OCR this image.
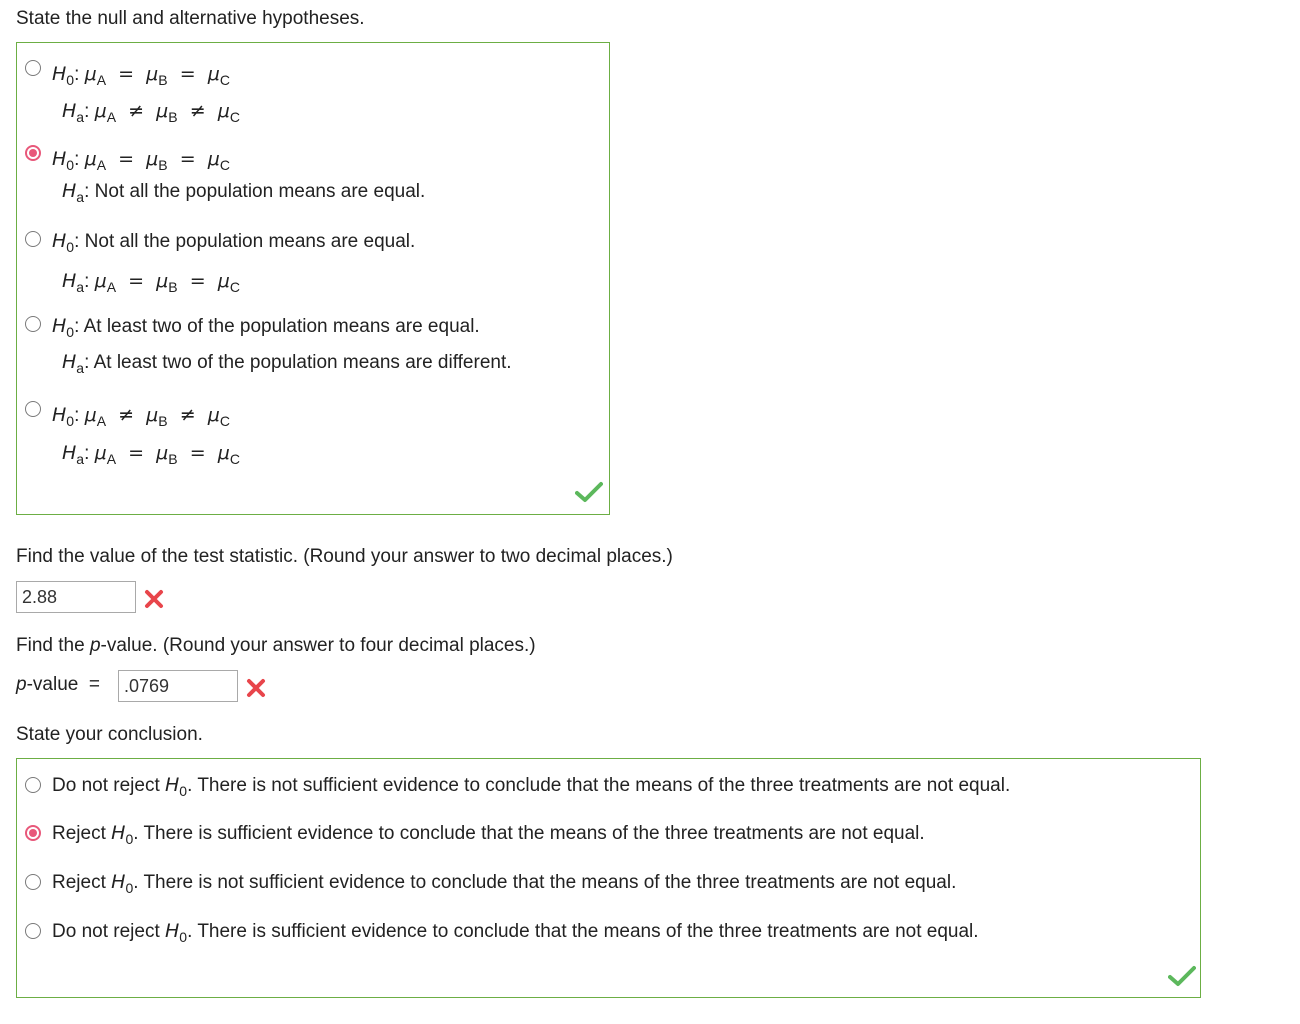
State the null and alternative hypotheses.
$H_0$: $\mu_A = \mu_B = \mu_C$
$H_a$: $\mu_A \ne \mu_B \ne \mu_C$
$H_0$: $\mu_A = \mu_B = \mu_C$
$H_a$: Not all the population means are equal.
$H_0$: Not all the population means are equal.
$H_a$: $\mu_A = \mu_B = \mu_C$
$H_0$: At least two of the population means are equal.
$H_a$: At least two of the population means are different.
$H_0$: $\mu_A \ne \mu_B \ne \mu_C$
$H_a$: $\mu_A = \mu_B = \mu_C$
Find the value of the test statistic. (Round your answer to two decimal places.)
2.88
Find the p-value. (Round your answer to four decimal places.)
p-value  =	.0769
State your conclusion.
Do not reject $H_0$. There is not sufficient evidence to conclude that the means of the three treatments are not equal.
Reject $H_0$. There is sufficient evidence to conclude that the means of the three treatments are not equal.
Reject $H_0$. There is not sufficient evidence to conclude that the means of the three treatments are not equal.
Do not reject $H_0$. There is sufficient evidence to conclude that the means of the three treatments are not equal.
